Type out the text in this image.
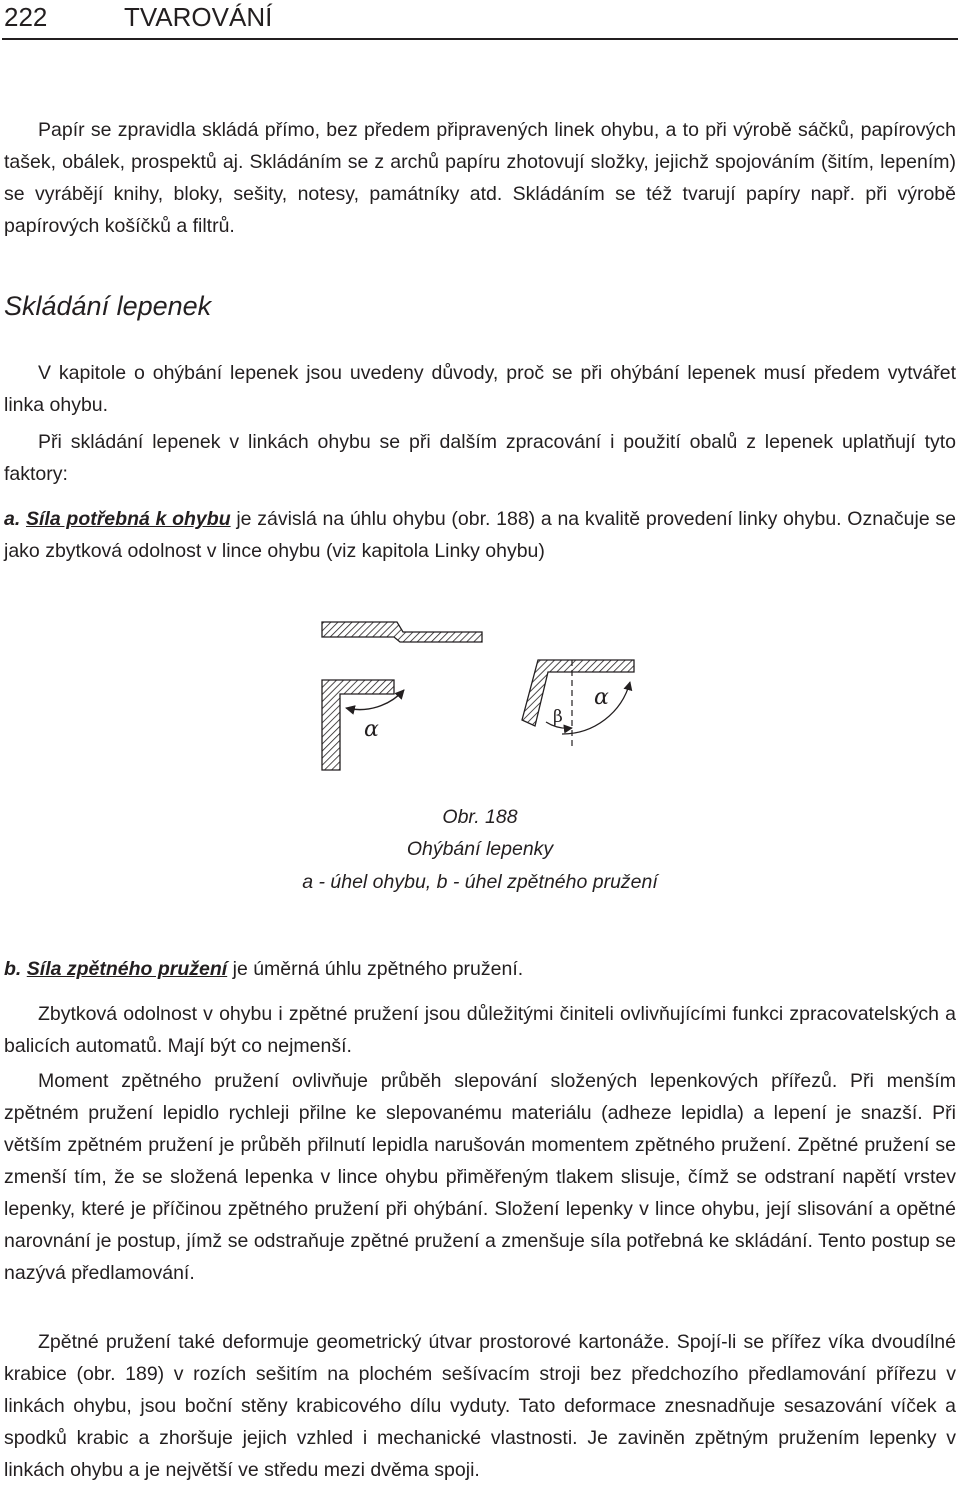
222	TVAROVÁNÍ

Papír se zpravidla skládá přímo, bez předem připravených linek ohybu, a to při výrobě sáčků, papírových tašek, obálek, prospektů aj. Skládáním se z archů papíru zhotovují složky, jejichž spojováním (šitím, lepením) se vyrábějí knihy, bloky, sešity, notesy, památníky atd. Skládáním se též tvarují papíry např. při výrobě papírových košíčků a filtrů.

Skládání lepenek

V kapitole o ohýbání lepenek jsou uvedeny důvody, proč se při ohýbání lepenek musí předem vytvářet linka ohybu.

Při skládání lepenek v linkách ohybu se při dalším zpracování i použití obalů z lepenek uplatňují tyto faktory:

a. Síla potřebná k ohybu je závislá na úhlu ohybu (obr. 188) a na kvalitě provedení linky ohybu. Označuje se jako zbytková odolnost v lince ohybu (viz kapitola Linky ohybu)

α	β
α
Obr. 188
Ohýbání lepenky
a - úhel ohybu, b - úhel zpětného pružení

b. Síla zpětného pružení je úměrná úhlu zpětného pružení.

Zbytková odolnost v ohybu i zpětné pružení jsou důležitými činiteli ovlivňujícími funkci zpracovatelských a balicích automatů. Mají být co nejmenší.

Moment zpětného pružení ovlivňuje průběh slepování složených lepenkových přířezů. Při menším zpětném pružení lepidlo rychleji přilne ke slepovanému materiálu (adheze lepidla) a lepení je snazší. Při větším zpětném pružení je průběh přilnutí lepidla narušován momentem zpětného pružení. Zpětné pružení se zmenší tím, že se složená lepenka v lince ohybu přiměřeným tlakem slisuje, čímž se odstraní napětí vrstev lepenky, které je příčinou zpětného pružení při ohýbání. Složení lepenky v lince ohybu, její slisování a opětné narovnání je postup, jímž se odstraňuje zpětné pružení a zmenšuje síla potřebná ke skládání. Tento postup se nazývá předlamování.

Zpětné pružení také deformuje geometrický útvar prostorové kartonáže. Spojí-li se přířez víka dvoudílné krabice (obr. 189) v rozích sešitím na plochém sešívacím stroji bez předchozího předlamování přířezu v linkách ohybu, jsou boční stěny krabicového dílu vyduty. Tato deformace znesnadňuje sesazování víček a spodků krabic a zhoršuje jejich vzhled i mechanické vlastnosti. Je zaviněn zpětným pružením lepenky v linkách ohybu a je největší ve středu mezi dvěma spoji.
